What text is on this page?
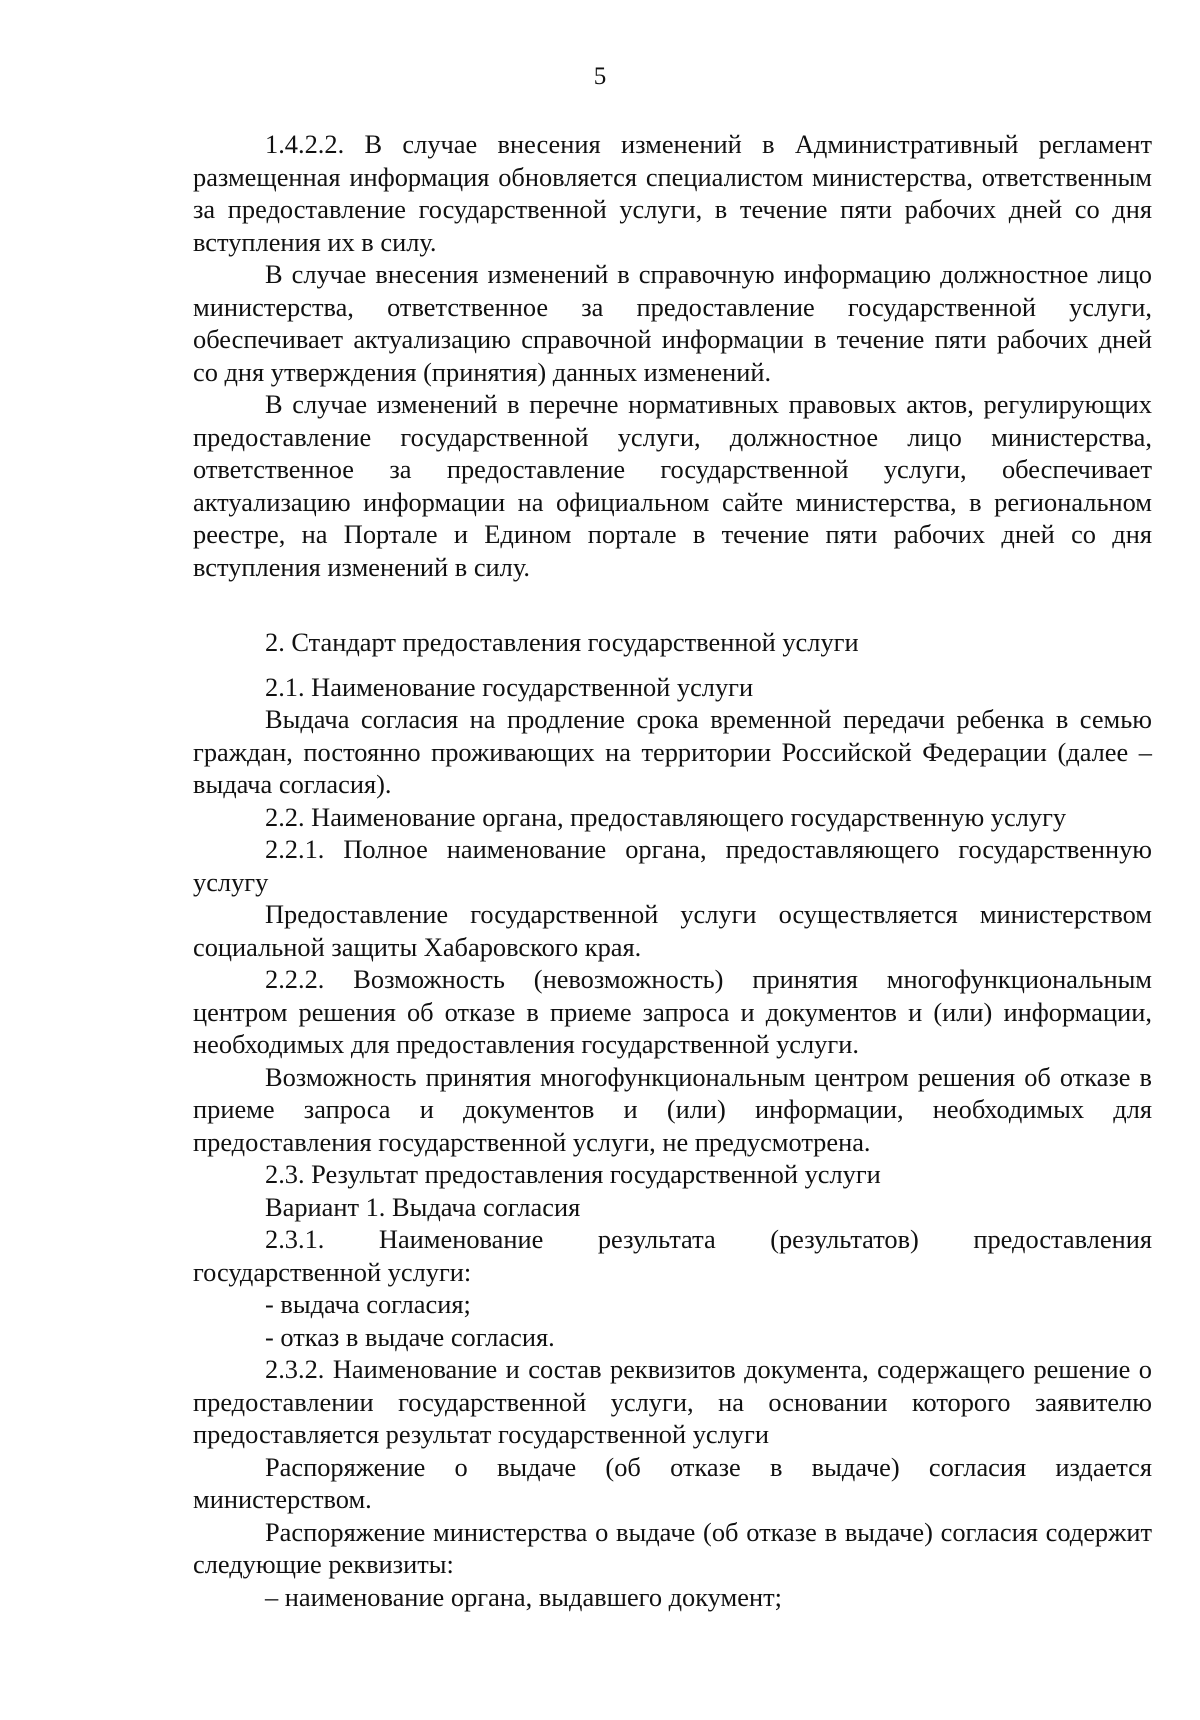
5

1.4.2.2. В случае внесения изменений в Административный регламент размещенная информация обновляется специалистом министерства, ответственным за предоставление государственной услуги, в течение пяти рабочих дней со дня вступления их в силу.

В случае внесения изменений в справочную информацию должностное лицо министерства, ответственное за предоставление государственной услуги, обеспечивает актуализацию справочной информации в течение пяти рабочих дней со дня утверждения (принятия) данных изменений.

В случае изменений в перечне нормативных правовых актов, регулирующих предоставление государственной услуги, должностное лицо министерства, ответственное за предоставление государственной услуги, обеспечивает актуализацию информации на официальном сайте министерства, в региональном реестре, на Портале и Едином портале в течение пяти рабочих дней со дня вступления изменений в силу.

2. Стандарт предоставления государственной услуги

2.1. Наименование государственной услуги

Выдача согласия на продление срока временной передачи ребенка в семью граждан, постоянно проживающих на территории Российской Федерации (далее – выдача согласия).

2.2. Наименование органа, предоставляющего государственную услугу

2.2.1. Полное наименование органа, предоставляющего государственную услугу

Предоставление государственной услуги осуществляется министерством социальной защиты Хабаровского края.

2.2.2. Возможность (невозможность) принятия многофункциональным центром решения об отказе в приеме запроса и документов и (или) информации, необходимых для предоставления государственной услуги.

Возможность принятия многофункциональным центром решения об отказе в приеме запроса и документов и (или) информации, необходимых для предоставления государственной услуги, не предусмотрена.

2.3. Результат предоставления государственной услуги

Вариант 1. Выдача согласия

2.3.1. Наименование результата (результатов) предоставления государственной услуги:

- выдача согласия;

- отказ в выдаче согласия.

2.3.2. Наименование и состав реквизитов документа, содержащего решение о предоставлении государственной услуги, на основании которого заявителю предоставляется результат государственной услуги

Распоряжение о выдаче (об отказе в выдаче) согласия издается министерством.

Распоряжение министерства о выдаче (об отказе в выдаче) согласия содержит следующие реквизиты:

– наименование органа, выдавшего документ;
